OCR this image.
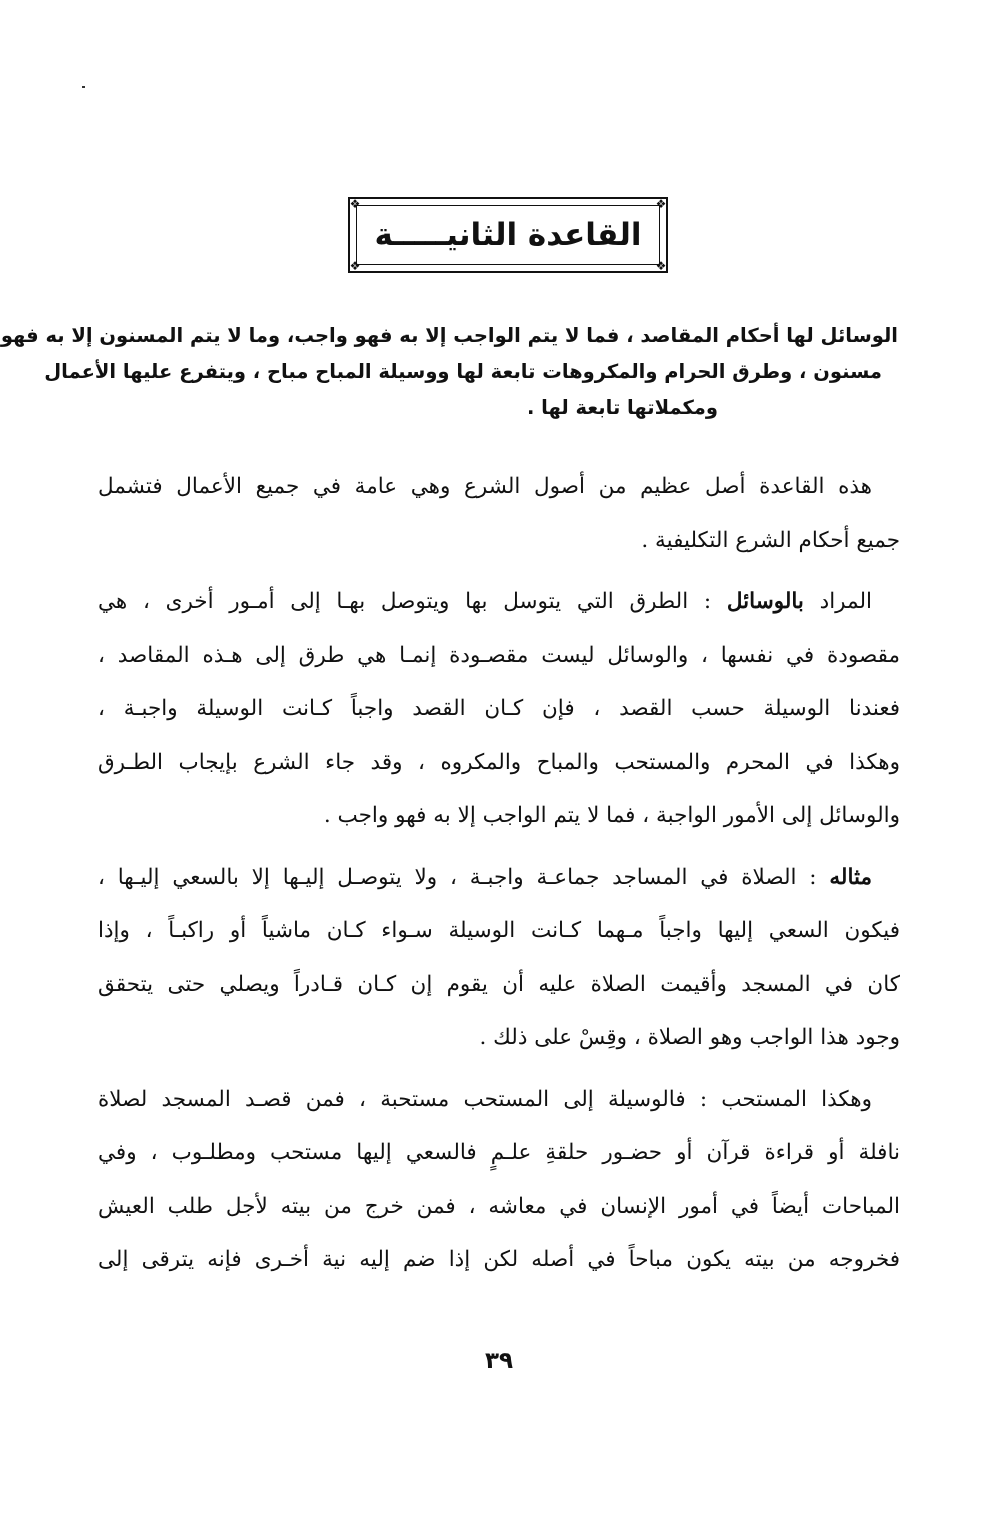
❖	❖
❖	❖
القاعدة الثانيـــــة
الوسائل لها أحكام المقاصد ، فما لا يتم الواجب إلا به فهو واجب، وما لا يتم المسنون إلا به فهو
مسنون ، وطرق الحرام والمكروهات تابعة لها ووسيلة المباح مباح ، ويتفرع عليها الأعمال
ومكملاتها تابعة لها .
هذه القاعدة أصل عظيم من أصول الشرع وهي عامة في جميع الأعمال فتشمل
جميع أحكام الشرع التكليفية .
المراد بالوسائل : الطرق التي يتوسل بها ويتوصل بهـا إلى أمـور أخرى ، هي
مقصودة في نفسها ، والوسائل ليست مقصـودة إنمـا هي طرق إلى هـذه المقاصد ،
فعندنا الوسيلة حسب القصد ، فإن كـان القصد واجباً كـانت الوسيلة واجبـة ،
وهكذا في المحرم والمستحب والمباح والمكروه ، وقد جاء الشرع بإيجاب الطـرق
والوسائل إلى الأمور الواجبة ، فما لا يتم الواجب إلا به فهو واجب .
مثاله : الصلاة في المساجد جماعـة واجبـة ، ولا يتوصـل إليـها إلا بالسعي إليـها ،
فيكون السعي إليها واجباً مـهما كـانت الوسيلة سـواء كـان ماشياً أو راكبـاً ، وإذا
كان في المسجد وأقيمت الصلاة عليه أن يقوم إن كـان قـادراً ويصلي حتى يتحقق
وجود هذا الواجب وهو الصلاة ، وقِسْ على ذلك .
وهكذا المستحب : فالوسيلة إلى المستحب مستحبة ، فمن قصـد المسجد لصلاة
نافلة أو قراءة قرآن أو حضـور حلقةِ علـمٍ فالسعي إليها مستحب ومطلـوب ، وفي
المباحات أيضاً في أمور الإنسان في معاشه ، فمن خرج من بيته لأجل طلب العيش
فخروجه من بيته يكون مباحاً في أصله لكن إذا ضم إليه نية أخـرى فإنه يترقى إلى
٣٩
